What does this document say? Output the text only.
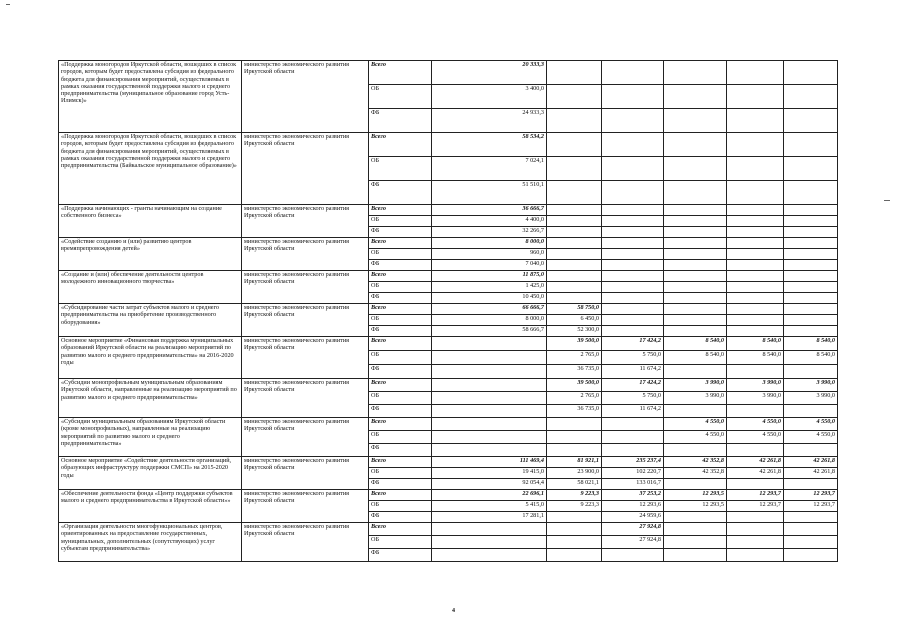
«Поддержка моногородов Иркутской области, вошедших в список городов, которым будет предоставлена субсидия из федерального бюджета для финансирования мероприятий, осуществляемых в рамках оказания государственной поддержки малого и среднего предпринимательства (муниципальное образование город Усть-Илимск)»	министерство экономического развития Иркутской области	Всего	20 333,3						
		ОБ	3 400,0						
		ФБ	24 933,3						
«Поддержка моногородов Иркутской области, вошедших в список городов, которым будет предоставлена субсидия из федерального бюджета для финансирования мероприятий, осуществляемых в рамках оказания государственной поддержки малого и среднего предпринимательства (Байкальское муниципальное образование)»	министерство экономического развития Иркутской области	Всего	58 534,2						
		ОБ	7 024,1						
		ФБ	51 510,1						
«Поддержка начинающих - гранты начинающим на создание собственного бизнеса»	министерство экономического развития Иркутской области	Всего	36 666,7						
		ОБ	4 400,0						
		ФБ	32 266,7						
«Содействие созданию и (или) развитию центров времяпрепровождения детей»	министерство экономического развития Иркутской области	Всего	8 000,0						
		ОБ	960,0						
		ФБ	7 040,0						
«Создание и (или) обеспечение деятельности центров молодежного инновационного творчества»	министерство экономического развития Иркутской области	Всего	11 875,0						
		ОБ	1 425,0						
		ФБ	10 450,0						
«Субсидирование части затрат субъектов малого и среднего предпринимательства на приобретение производственного оборудования»	министерство экономического развития Иркутской области	Всего	66 666,7	58 750,0					
		ОБ	8 000,0	6 450,0					
		ФБ	58 666,7	52 300,0					
Основное мероприятие «Финансовая поддержка муниципальных образований Иркутской области на реализацию мероприятий по развитию малого и среднего предпринимательства» на 2016-2020 годы	министерство экономического развития Иркутской области	Всего		39 500,0	17 424,2	8 540,0	8 540,0	8 540,0	
		ОБ		2 765,0	5 750,0	8 540,0	8 540,0	8 540,0	
		ФБ		36 735,0	11 674,2				
«Субсидии монопрофильным муниципальным образованиям Иркутской области, направленные на реализацию мероприятий по развитию малого и среднего предпринимательства»	министерство экономического развития Иркутской области	Всего		39 500,0	17 424,2	3 990,0	3 990,0	3 990,0	
		ОБ		2 765,0	5 750,0	3 990,0	3 990,0	3 990,0	
		ФБ		36 735,0	11 674,2				
«Субсидии муниципальным образованиям Иркутской области (кроме монопрофильных), направленные на реализацию мероприятий по развитию малого и среднего предпринимательства»	министерство экономического развития Иркутской области	Всего				4 550,0	4 550,0	4 550,0	
		ОБ				4 550,0	4 550,0	4 550,0	
		ФБ							
Основное мероприятие «Содействие деятельности организаций, образующих инфраструктуру поддержки СМСП» на 2015-2020 годы	министерство экономического развития Иркутской области	Всего	111 469,4	81 921,1	235 237,4	42 352,8	42 261,8	42 261,8	
		ОБ	19 415,0	23 900,0	102 220,7	42 352,8	42 261,8	42 261,8	
		ФБ	92 054,4	58 021,1	133 016,7				
«Обеспечение деятельности фонда «Центр поддержки субъектов малого и среднего предпринимательства в Иркутской области»»	министерство экономического развития Иркутской области	Всего	22 696,1	9 223,3	37 253,2	12 293,5	12 293,7	12 293,7	
		ОБ	5 415,0	9 223,3	12 293,6	12 293,5	12 293,7	12 293,7	
		ФБ	17 281,1		24 959,6				
«Организация деятельности многофункциональных центров, ориентированных на предоставление государственных, муниципальных, дополнительных (сопутствующих) услуг субъектам предпринимательства»	министерство экономического развития Иркутской области	Всего			27 924,8				
		ОБ			27 924,8				
		ФБ							
4
